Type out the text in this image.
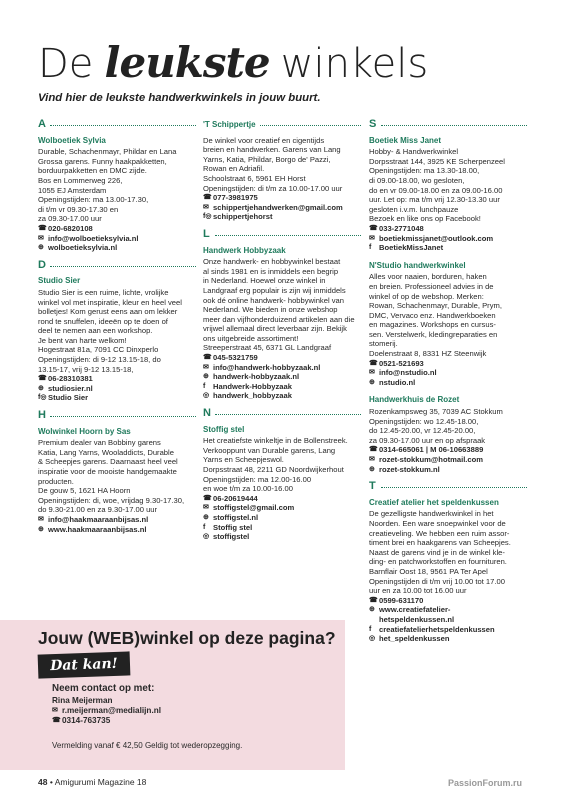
De leukste winkels
Vind hier de leukste handwerkwinkels in jouw buurt.
A
Wolboetiek Sylvia
Durable, Schachenmayr, Phildar en Lana
Grossa garens. Funny haakpakketten,
borduurpakketten en DMC zijde.
Bos en Lommerweg 226,
1055 EJ Amsterdam
Openingstijden: ma 13.00-17.30,
di t/m vr 09.30-17.30 en
za 09.30-17.00 uur
☎ 020-6820108
✉ info@wolboetieksylvia.nl
⊕ wolboetieksylvia.nl
D
Studio Sier
Studio Sier is een ruime, lichte, vrolijke
winkel vol met inspiratie, kleur en heel veel
bolletjes! Kom gerust eens aan om lekker
rond te snuffelen, ideeën op te doen of
deel te nemen aan een workshop.
Je bent van harte welkom!
Hogestraat 81a, 7091 CC Dinxperlo
Openingstijden: di 9-12 13.15-18, do
13.15-17, vrij 9-12 13.15-18,
☎ 06-28310381
⊕ studiosier.nl
f◎ Studio Sier
H
Wolwinkel Hoorn by Sas
Premium dealer van Bobbiny garens
Katia, Lang Yarns, Wooladdicts, Durable
& Scheepjes garens. Daarnaast heel veel
inspiratie voor de mooiste handgemaakte
producten.
De gouw 5, 1621 HA Hoorn
Openingstijden: di, woe, vrijdag 9.30-17.30,
do 9.30-21.00 en za 9.30-17.00 uur
✉ info@haakmaaraanbijsas.nl
⊕ www.haakmaaraanbijsas.nl
'T Schippertje
De winkel voor creatief en cigentijds
breien en handwerken. Garens van Lang
Yarns, Katia, Phildar, Borgo de' Pazzi,
Rowan en Adriafil.
Schoolstraat 6, 5961 EH Horst
Openingstijden: di t/m za 10.00-17.00 uur
☎ 077-3981975
✉ schippertjehandwerken@gmail.com
f◎ schippertjehorst
L
Handwerk Hobbyzaak
Onze handwerk- en hobbywinkel bestaat
al sinds 1981 en is inmiddels een begrip
in Nederland. Hoewel onze winkel in
Landgraaf erg populair is zijn wij inmiddels
ook dé online handwerk- hobbywinkel van
Nederland. We bieden in onze webshop
meer dan vijfhonderduizend artikelen aan die
vrijwel allemaal direct leverbaar zijn. Bekijk
ons uitgebreide assortiment!
Streeperstraat 45, 6371 GL Landgraaf
☎ 045-5321759
✉ info@handwerk-hobbyzaak.nl
⊕ handwerk-hobbyzaak.nl
f	Handwerk-Hobbyzaak
◎ handwerk_hobbyzaak
N
Stoffig stel
Het creatiefste winkeltje in de Bollenstreek.
Verkooppunt van Durable garens, Lang
Yarns en Scheepjeswol.
Dorpsstraat 48, 2211 GD Noordwijkerhout
Openingstijden: ma 12.00-16.00
en woe t/m za 10.00-16.00
☎ 06-20619444
✉ stoffigstel@gmail.com
⊕ stoffigstel.nl
f	Stoffig stel
◎ stoffigstel
S
Boetiek Miss Janet
Hobby- & Handwerkwinkel
Dorpsstraat 144, 3925 KE Scherpenzeel
Openingstijden: ma 13.30-18.00,
di 09.00-18.00, wo gesloten,
do en vr 09.00-18.00 en za 09.00-16.00
uur. Let op: ma t/m vrij 12.30-13.30 uur
gesloten i.v.m. lunchpauze
Bezoek en like ons op Facebook!
☎ 033-2771048
✉ boetiekmissjanet@outlook.com
f	BoetiekMissJanet
N'Studio handwerkwinkel
Alles voor naaien, borduren, haken
en breien. Professioneel advies in de
winkel of op de webshop. Merken:
Rowan, Schachenmayr, Durable, Prym,
DMC, Vervaco enz. Handwerkboeken
en magazines. Workshops en cursus-
sen. Verstelwerk, kledingreparaties en
stomerij.
Doelenstraat 8, 8331 HZ Steenwijk
☎ 0521-521693
✉ info@nstudio.nl
⊕ nstudio.nl
Handwerkhuis de Rozet
Rozenkampsweg 35, 7039 AC Stokkum
Openingstijden: wo 12.45-18.00,
do 12.45-20.00, vr 12.45-20.00,
za 09.30-17.00 uur en op afspraak
☎ 0314-665061 | M 06-10663889
✉ rozet-stokkum@hotmail.com
⊕ rozet-stokkum.nl
T
Creatief atelier het speldenkussen
De gezelligste handwerkwinkel in het
Noorden. Een ware snoepwinkel voor de
creatieveling. We hebben een ruim assor-
timent brei en haakgarens van Scheepjes.
Naast de garens vind je in de winkel kle-
ding- en patchworkstoffen en fournituren.
Barnflair Oost 18, 9561 PA Ter Apel
Openingstijden di t/m vrij 10.00 tot 17.00
uur en za 10.00 tot 16.00 uur
☎ 0599-631170
⊕ www.creatiefatelier-
hetspeldenkussen.nl
f	creatiefatelierhetspeldenkussen
◎ het_speldenkussen
Jouw (WEB)winkel op deze pagina?
Dat kan!
Neem contact op met:
Rina Meijerman
✉ r.meijerman@medialijn.nl
☎ 0314-763735
Vermelding vanaf € 42,50 Geldig tot wederopzegging.
48 • Amigurumi Magazine 18	PassionForum.ru
